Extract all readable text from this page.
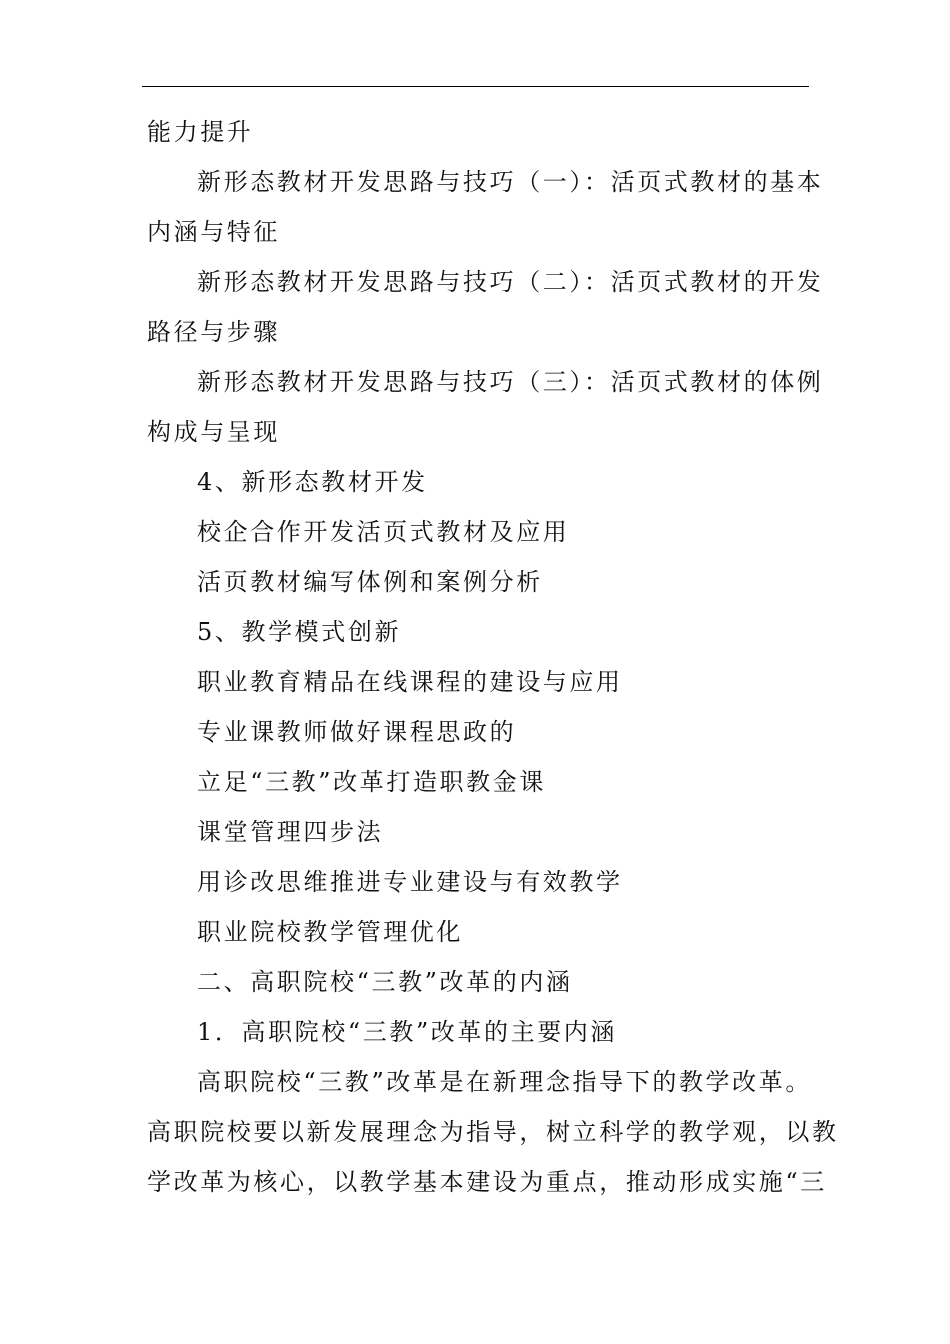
能力提升

新形态教材开发思路与技巧（一）：活页式教材的基本

内涵与特征

新形态教材开发思路与技巧（二）：活页式教材的开发

路径与步骤

新形态教材开发思路与技巧（三）：活页式教材的体例

构成与呈现

4、新形态教材开发

校企合作开发活页式教材及应用

活页教材编写体例和案例分析

5、教学模式创新

职业教育精品在线课程的建设与应用

专业课教师做好课程思政的

立足“三教”改革打造职教金课

课堂管理四步法

用诊改思维推进专业建设与有效教学

职业院校教学管理优化

二、高职院校“三教”改革的内涵

1．高职院校“三教”改革的主要内涵

高职院校“三教”改革是在新理念指导下的教学改革。

高职院校要以新发展理念为指导，树立科学的教学观，以教

学改革为核心，以教学基本建设为重点，推动形成实施“三
